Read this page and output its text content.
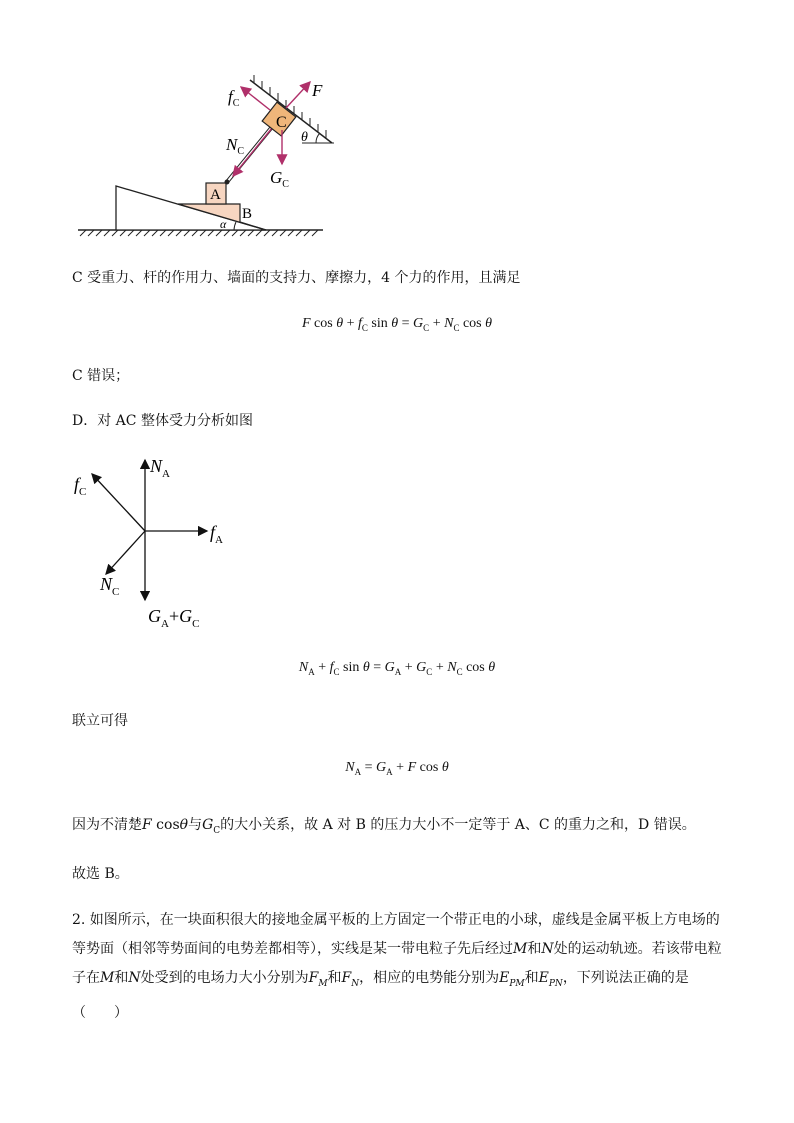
$f_C$
F
C
θ
$N_C$
$G_C$
A
B
α
C 受重力、杆的作用力、墙面的支持力、摩擦力，4 个力的作用，且满足
F $\cos \theta + f_C$ $\sin \theta = G_C + N_C$ cos θ
C 错误；
D．对 AC 整体受力分析如图
$N_A$
$f_C$
$f_A$
$N_C$
$G_A+G_C$
$N_A + f_C$ $\sin \theta = G_A + G_C + N_C$ cos θ
联立可得
$N_A = G_A + F$ cos θ
因为不清楚F cosθ与$G_C$的大小关系，故 A 对 B 的压力大小不一定等于 A、C 的重力之和，D 错误。
故选 B。
2. 如图所示，在一块面积很大的接地金属平板的上方固定一个带正电的小球，虚线是金属平板上方电场的等势面（相邻等势面间的电势差都相等），实线是某一带电粒子先后经过M和N处的运动轨迹。若该带电粒子在M和N处受到的电场力大小分别为$F_M$和$F_N$，相应的电势能分别为$E_{PM}$和$E_{PN}$，下列说法正确的是
（　　）
